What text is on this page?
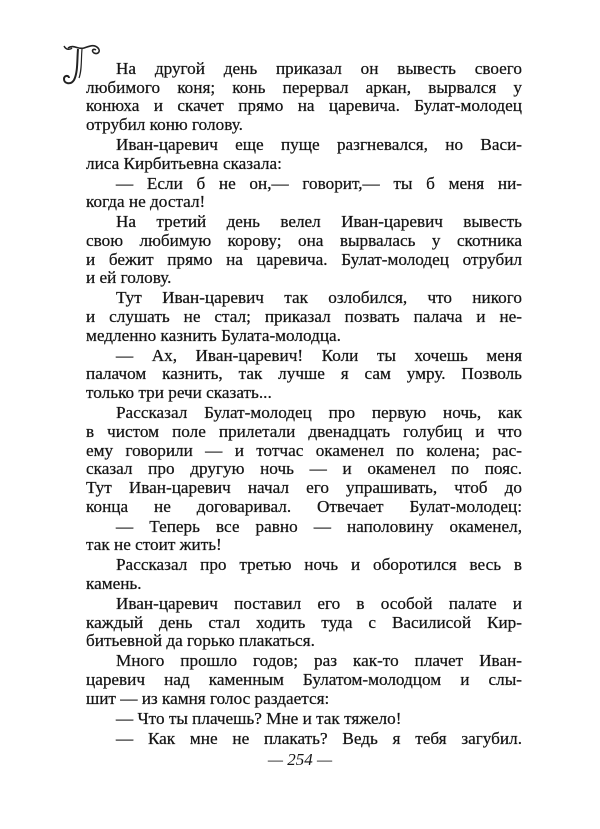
На другой день приказал он вывесть своего
любимого коня; конь перервал аркан, вырвался у
конюха и скачет прямо на царевича. Булат-молодец
отрубил коню голову.
Иван-царевич еще пуще разгневался, но Васи-
лиса Кирбитьевна сказала:
— Если б не он,— говорит,— ты б меня ни-
когда не достал!
На третий день велел Иван-царевич вывесть
свою любимую корову; она вырвалась у скотника
и бежит прямо на царевича. Булат-молодец отрубил
и ей голову.
Тут Иван-царевич так озлобился, что никого
и слушать не стал; приказал позвать палача и не-
медленно казнить Булата-молодца.
— Ах, Иван-царевич! Коли ты хочешь меня
палачом казнить, так лучше я сам умру. Позволь
только три речи сказать...
Рассказал Булат-молодец про первую ночь, как
в чистом поле прилетали двенадцать голубиц и что
ему говорили — и тотчас окаменел по колена; рас-
сказал про другую ночь — и окаменел по пояс.
Тут Иван-царевич начал его упрашивать, чтоб до
конца не договаривал. Отвечает Булат-молодец:
— Теперь все равно — наполовину окаменел,
так не стоит жить!
Рассказал про третью ночь и оборотился весь в
камень.
Иван-царевич поставил его в особой палате и
каждый день стал ходить туда с Василисой Кир-
битьевной да горько плакаться.
Много прошло годов; раз как-то плачет Иван-
царевич над каменным Булатом-молодцом и слы-
шит — из камня голос раздается:
— Что ты плачешь? Мне и так тяжело!
— Как мне не плакать? Ведь я тебя загубил.
— 254 —
